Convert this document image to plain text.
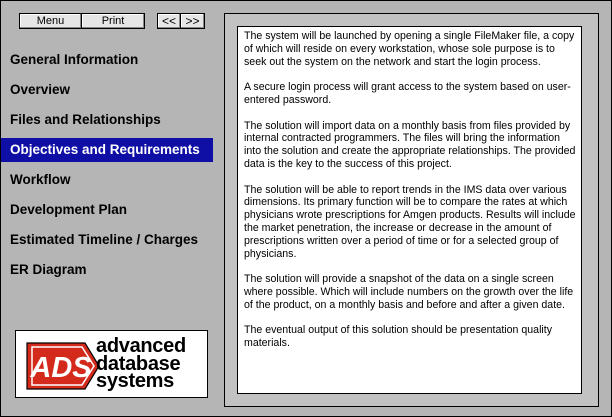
Menu	Print	<< >>
General Information
Overview
Files and Relationships
Objectives and Requirements
Workflow
Development Plan
Estimated Timeline / Charges
ER Diagram
ADS
advanced
database
systems

The system will be launched by opening a single FileMaker file, a copy of which will reside on every workstation, whose sole purpose is to seek out the system on the network and start the login process.

A secure login process will grant access to the system based on user-entered password.

The solution will import data on a monthly basis from files provided by internal contracted programmers. The files will bring the information into the solution and create the appropriate relationships. The provided data is the key to the success of this project.

The solution will be able to report trends in the IMS data over various dimensions. Its primary function will be to compare the rates at which physicians wrote prescriptions for Amgen products. Results will include the market penetration, the increase or decrease in the amount of prescriptions written over a period of time or for a selected group of physicians.

The solution will provide a snapshot of the data on a single screen where possible. Which will include numbers on the growth over the life of the product, on a monthly basis and before and after a given date.

The eventual output of this solution should be presentation quality materials.
